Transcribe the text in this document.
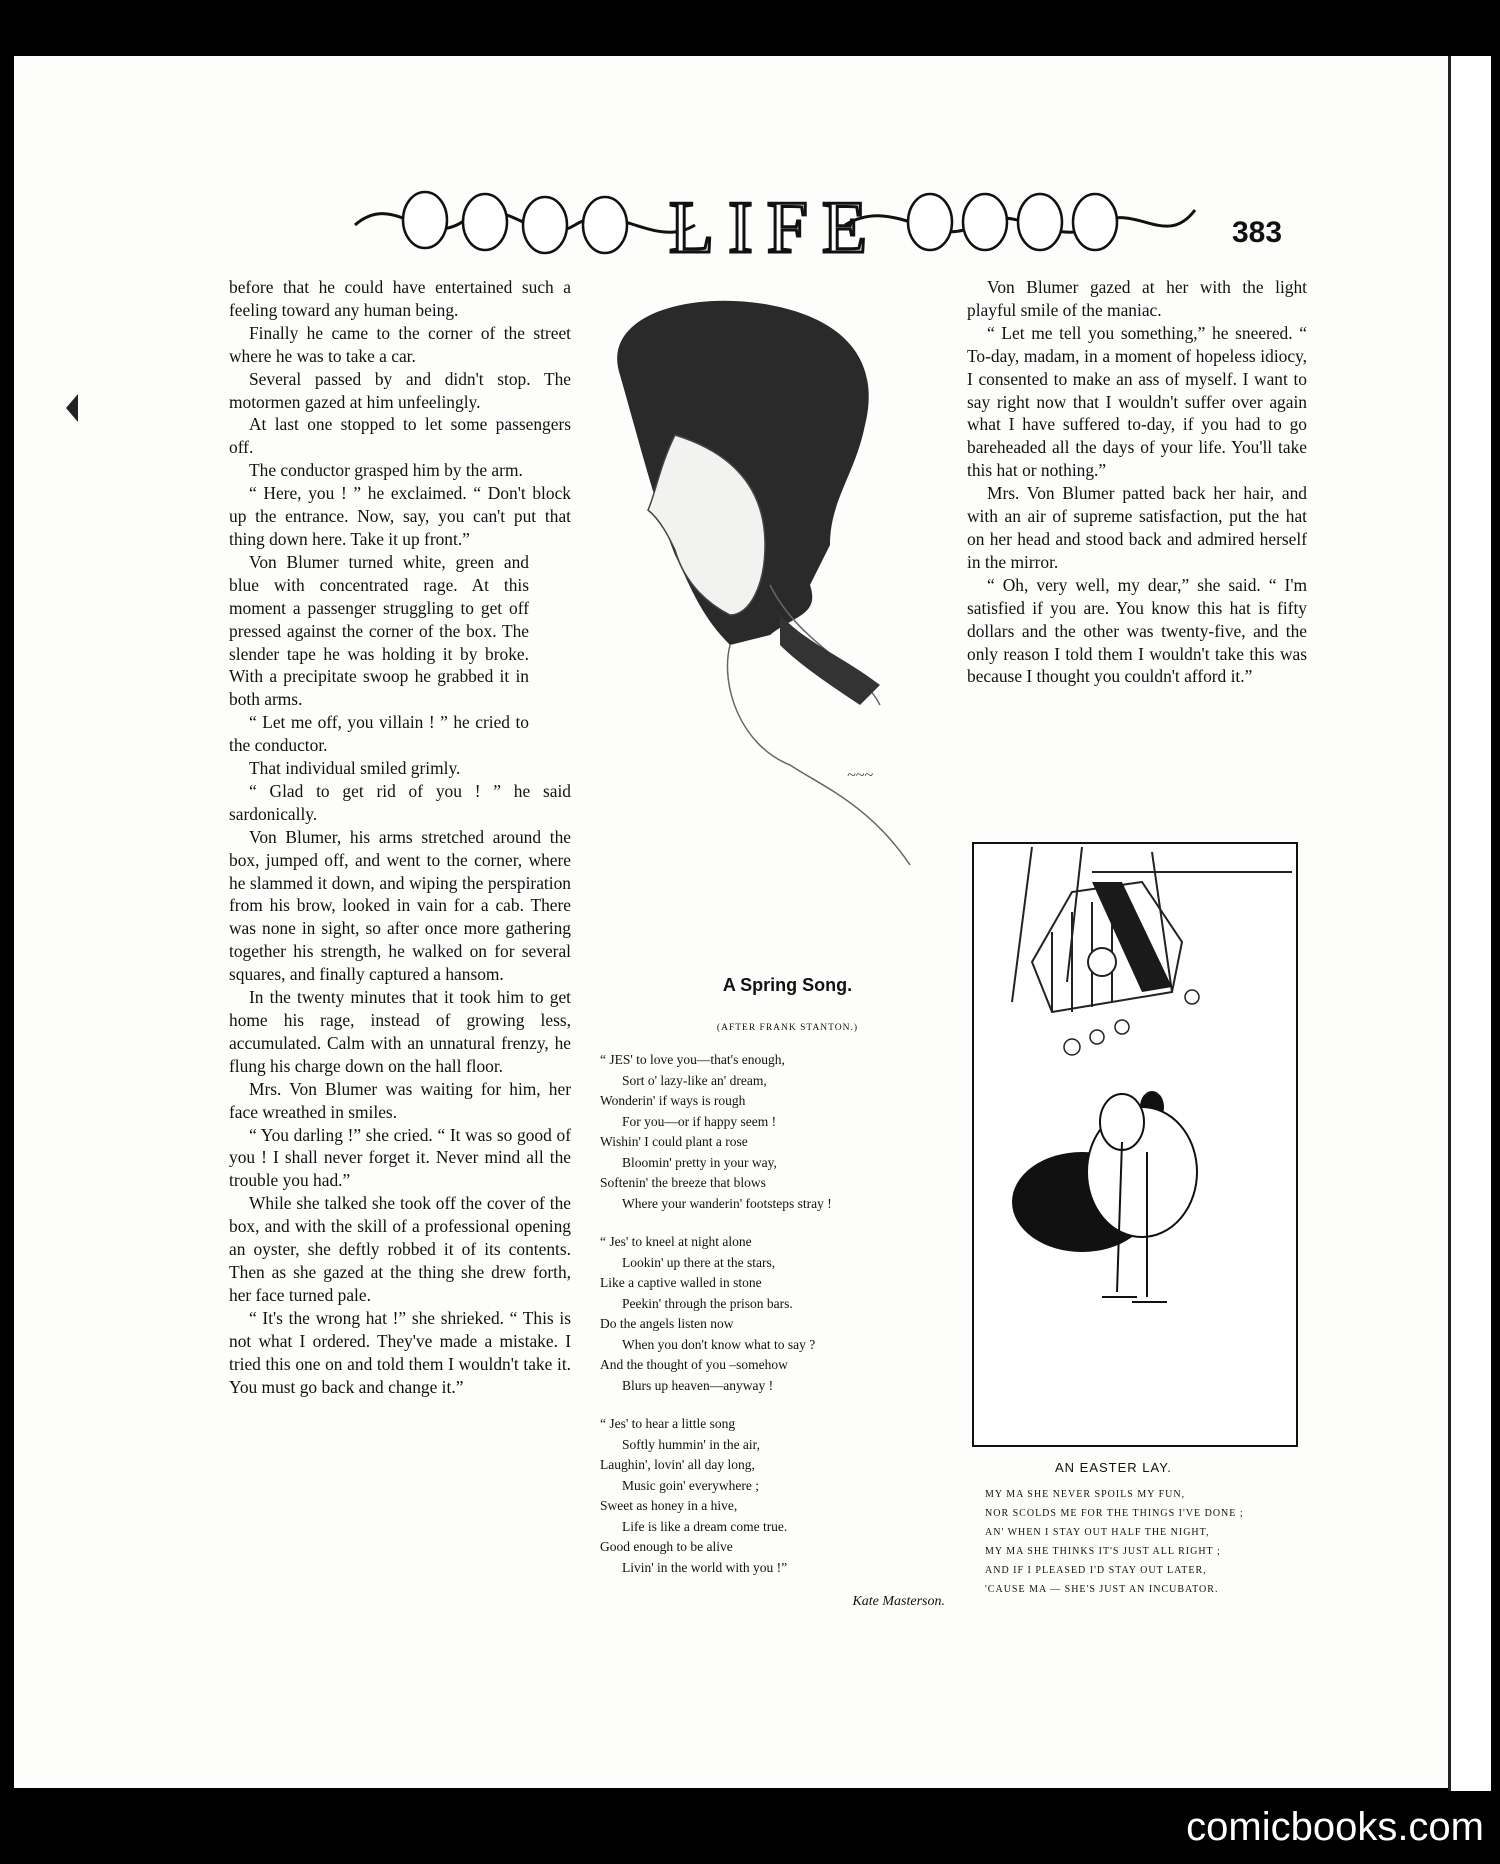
LIFE	383

before that he could have entertained such a feeling toward any human being.

Finally he came to the corner of the street where he was to take a car.

Several passed by and didn't stop. The motormen gazed at him unfeelingly.

At last one stopped to let some passengers off.

The conductor grasped him by the arm.

“ Here, you ! ” he exclaimed. “ Don't block up the entrance. Now, say, you can't put that thing down here. Take it up front.”

Von Blumer turned white, green and blue with concentrated rage. At this moment a passenger struggling to get off pressed against the corner of the box. The slender tape he was holding it by broke. With a precipitate swoop he grabbed it in both arms.

“ Let me off, you villain ! ” he cried to the conductor.

That individual smiled grimly.

“ Glad to get rid of you ! ” he said sardonically.

Von Blumer, his arms stretched around the box, jumped off, and went to the corner, where he slammed it down, and wiping the perspiration from his brow, looked in vain for a cab. There was none in sight, so after once more gathering together his strength, he walked on for several squares, and finally captured a hansom.

In the twenty minutes that it took him to get home his rage, instead of growing less, accumulated. Calm with an unnatural frenzy, he flung his charge down on the hall floor.

Mrs. Von Blumer was waiting for him, her face wreathed in smiles.

“ You darling !” she cried. “ It was so good of you ! I shall never forget it. Never mind all the trouble you had.”

While she talked she took off the cover of the box, and with the skill of a professional opening an oyster, she deftly robbed it of its contents. Then as she gazed at the thing she drew forth, her face turned pale.

“ It's the wrong hat !” she shrieked. “ This is not what I ordered. They've made a mistake. I tried this one on and told them I wouldn't take it. You must go back and change it.”

~~~
A Spring Song.
(AFTER FRANK STANTON.)
“ JES' to love you—that's enough,
Sort o' lazy-like an' dream,
Wonderin' if ways is rough
For you—or if happy seem !
Wishin' I could plant a rose
Bloomin' pretty in your way,
Softenin' the breeze that blows
Where your wanderin' footsteps stray !
“ Jes' to kneel at night alone
Lookin' up there at the stars,
Like a captive walled in stone
Peekin' through the prison bars.
Do the angels listen now
When you don't know what to say ?
And the thought of you –somehow
Blurs up heaven—anyway !
“ Jes' to hear a little song
Softly hummin' in the air,
Laughin', lovin' all day long,
Music goin' everywhere ;
Sweet as honey in a hive,
Life is like a dream come true.
Good enough to be alive
Livin' in the world with you !”
Kate Masterson.

Von Blumer gazed at her with the light playful smile of the maniac.

“ Let me tell you something,” he sneered. “ To-day, madam, in a moment of hopeless idiocy, I consented to make an ass of myself. I want to say right now that I wouldn't suffer over again what I have suffered to-day, if you had to go bareheaded all the days of your life. You'll take this hat or nothing.”

Mrs. Von Blumer patted back her hair, and with an air of supreme satisfaction, put the hat on her head and stood back and admired herself in the mirror.

“ Oh, very well, my dear,” she said. “ I'm satisfied if you are. You know this hat is fifty dollars and the other was twenty-five, and the only reason I told them I wouldn't take this was because I thought you couldn't afford it.”

AN EASTER LAY.
MY MA SHE NEVER SPOILS MY FUN,
NOR SCOLDS ME FOR THE THINGS I'VE DONE ;
AN' WHEN I STAY OUT HALF THE NIGHT,
MY MA SHE THINKS IT'S JUST ALL RIGHT ;
AND IF I PLEASED I'D STAY OUT LATER,
'CAUSE MA — SHE'S JUST AN INCUBATOR.
comicbooks.com
